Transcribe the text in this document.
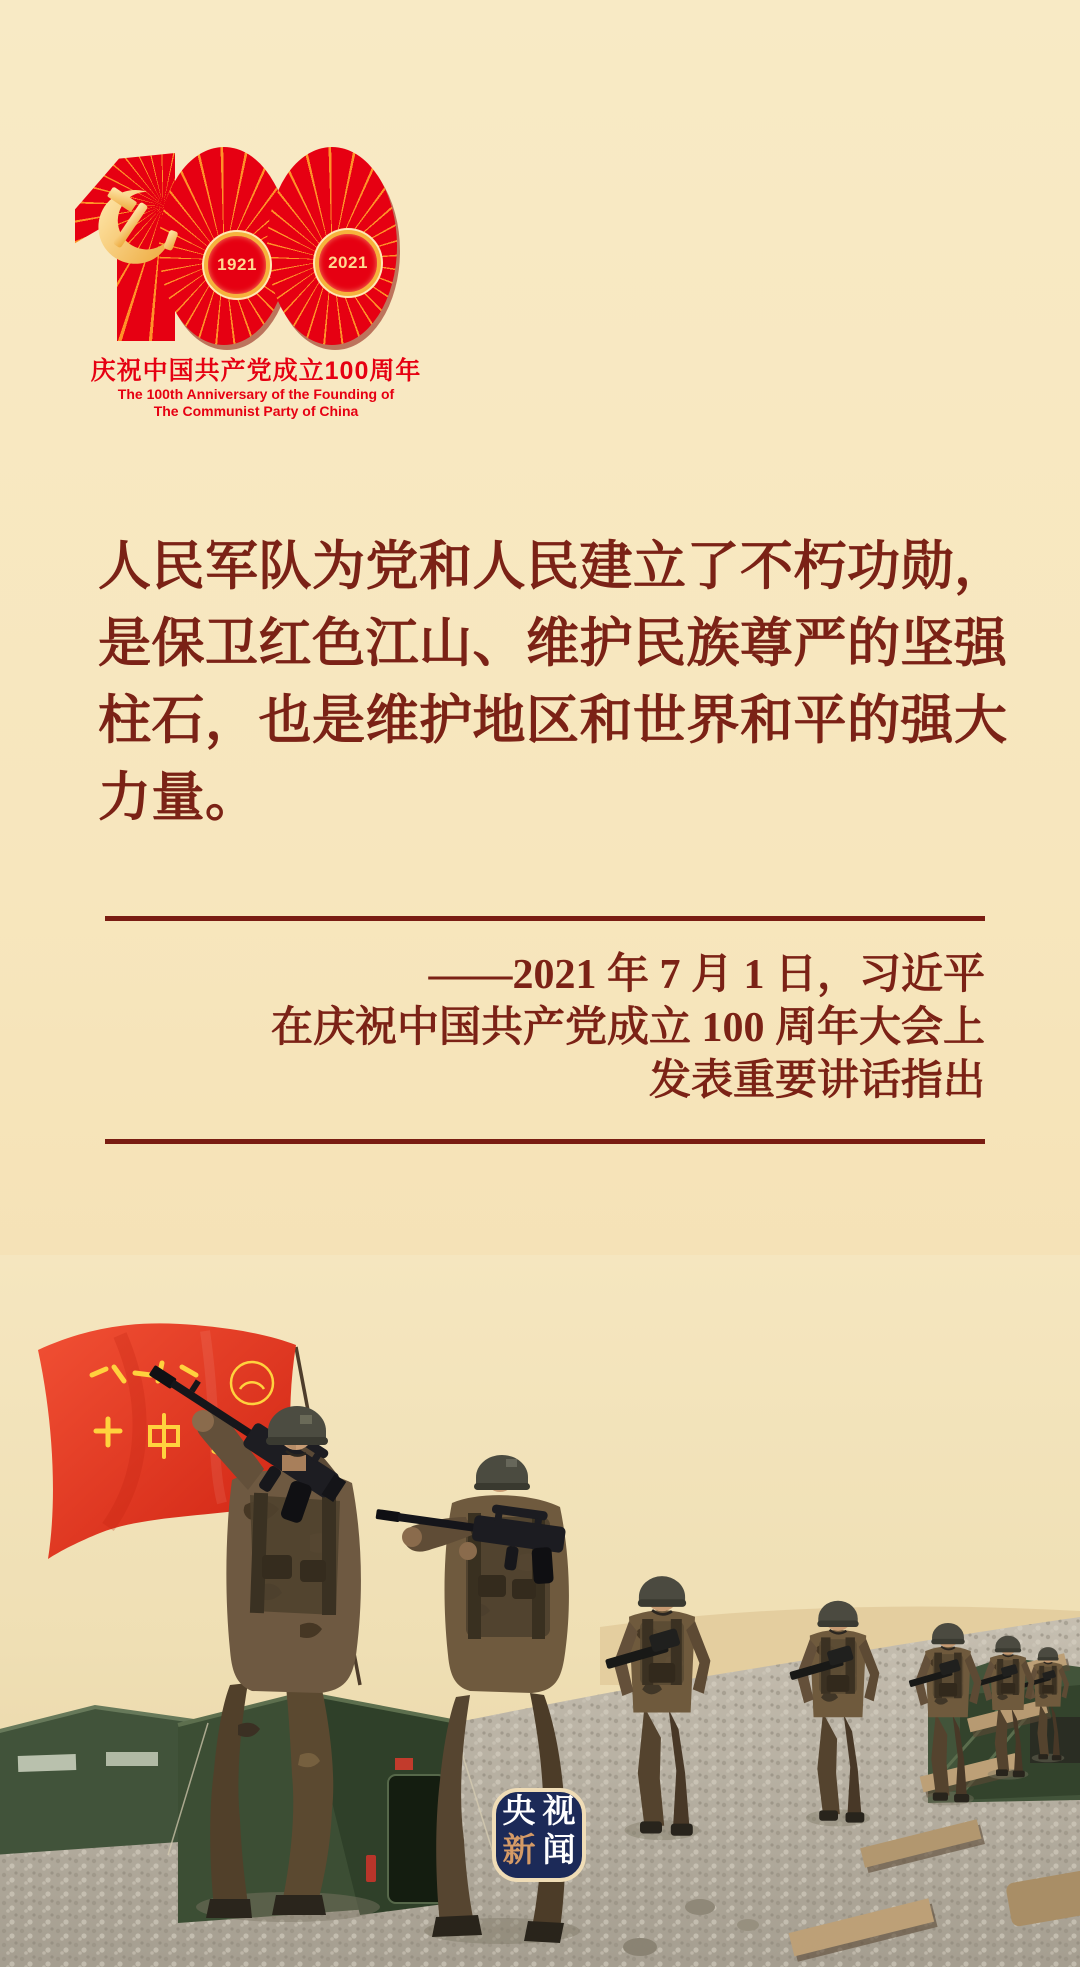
1921	2021
庆祝中国共产党成立100周年
The 100th Anniversary of the Founding of
The Communist Party of China
人民军队为党和人民建立了不朽功勋，
是保卫红色江山、维护民族尊严的坚强
柱石，也是维护地区和世界和平的强大
力量。
——2021 年 7 月 1 日，习近平
在庆祝中国共产党成立 100 周年大会上
发表重要讲话指出
央 视
新 闻
